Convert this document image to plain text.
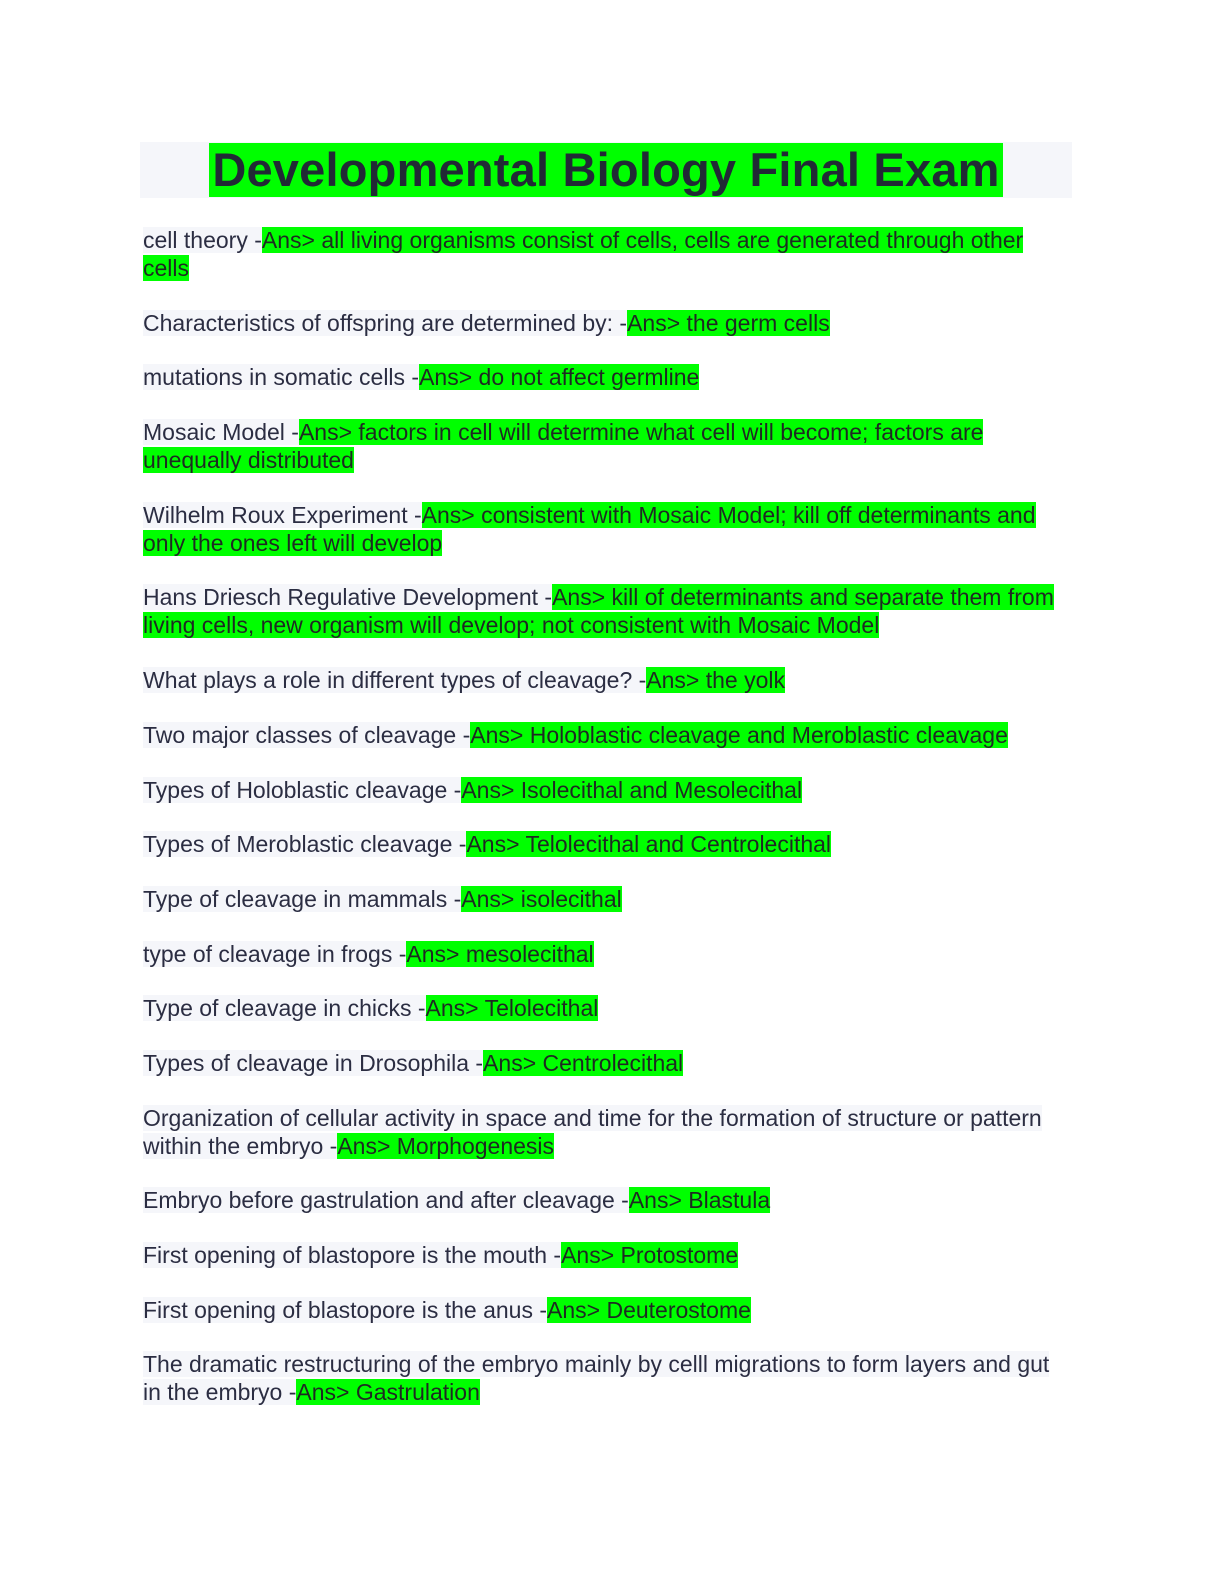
Developmental Biology Final Exam

cell theory -Ans> all living organisms consist of cells, cells are generated through other cells

Characteristics of offspring are determined by: -Ans> the germ cells

mutations in somatic cells -Ans> do not affect germline

Mosaic Model -Ans> factors in cell will determine what cell will become; factors are unequally distributed

Wilhelm Roux Experiment -Ans> consistent with Mosaic Model; kill off determinants and only the ones left will develop

Hans Driesch Regulative Development -Ans> kill of determinants and separate them from living cells, new organism will develop; not consistent with Mosaic Model

What plays a role in different types of cleavage? -Ans> the yolk

Two major classes of cleavage -Ans> Holoblastic cleavage and Meroblastic cleavage

Types of Holoblastic cleavage -Ans> Isolecithal and Mesolecithal

Types of Meroblastic cleavage -Ans> Telolecithal and Centrolecithal

Type of cleavage in mammals -Ans> isolecithal

type of cleavage in frogs -Ans> mesolecithal

Type of cleavage in chicks -Ans> Telolecithal

Types of cleavage in Drosophila -Ans> Centrolecithal

Organization of cellular activity in space and time for the formation of structure or pattern within the embryo -Ans> Morphogenesis

Embryo before gastrulation and after cleavage -Ans> Blastula

First opening of blastopore is the mouth -Ans> Protostome

First opening of blastopore is the anus -Ans> Deuterostome

The dramatic restructuring of the embryo mainly by celll migrations to form layers and gut in the embryo -Ans> Gastrulation
